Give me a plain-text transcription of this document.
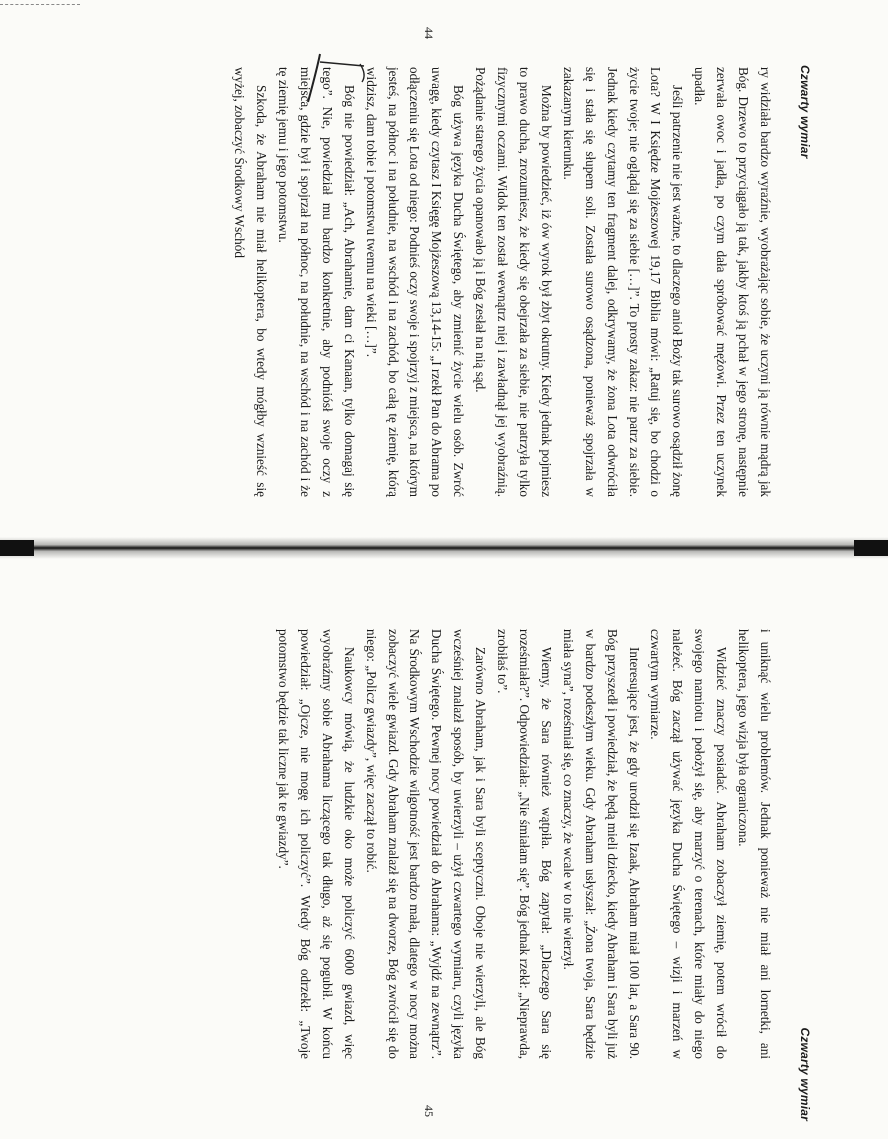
Czwarty wymiar

ry widziała bardzo wyraźnie, wyobrażając sobie, że uczyni ją równie mądrą jak Bóg. Drzewo to przyciągało ją tak, jakby ktoś ją pchał w jego stronę, następnie zerwała owoc i jadła, po czym dała spróbować mężowi. Przez ten uczynek upadła.

Jeśli patrzenie nie jest ważne, to dlaczego anioł Boży tak surowo osądził żonę Lota? W I Księdze Mojżeszowej 19,17 Biblia mówi: „Ratuj się, bo chodzi o życie twoje; nie oglądaj się za siebie […]”. To prosty zakaz: nie patrz za siebie. Jednak kiedy czytamy ten fragment dalej, odkrywamy, że żona Lota odwróciła się i stała się słupem soli. Została surowo osądzona, ponieważ spojrzała w zakazanym kierunku.

Można by powiedzieć, iż ów wyrok był zbyt okrutny. Kiedy jednak pojmiesz to prawo ducha, zrozumiesz, że kiedy się obejrzała za siebie, nie patrzyła tylko fizycznymi oczami. Widok ten został wewnątrz niej i zawładnął jej wyobraźnią. Pożądanie starego życia opanowało ją i Bóg zesłał na nią sąd.

Bóg używa języka Ducha Świętego, aby zmienić życie wielu osób. Zwróć uwagę, kiedy czytasz I Księgę Mojżeszową 13,14-15: „I rzekł Pan do Abrama po odłączeniu się Lota od niego: Podnieś oczy swoje i spojrzyj z miejsca, na którym jesteś, na północ i na południe, na wschód i na zachód, bo całą tę ziemię, którą widzisz, dam tobie i potomstwu twemu na wieki […]”.

Bóg nie powiedział: „Ach, Abrahamie, dam ci Kanaan, tylko domagaj się tego”. Nie, powiedział mu bardzo konkretnie, aby podniósł swoje oczy z miejsca, gdzie był i spojrzał na północ, na południe, na wschód i na zachód i że tę ziemię jemu i jego potomstwu.

Szkoda, że Abraham nie miał helikoptera, bo wtedy mógłby wznieść się wyżej, zobaczyć Środkowy Wschód

44
Czwarty wymiar

i uniknąć wielu problemów. Jednak ponieważ nie miał ani lornetki, ani helikoptera, jego wizja była ograniczona.

Widzieć znaczy posiadać. Abraham zobaczył ziemię, potem wrócił do swojego namiotu i położył się, aby marzyć o terenach, które miały do niego należeć. Bóg zaczął używać języka Ducha Świętego – wizji i marzeń w czwartym wymiarze.

Interesujące jest, że gdy urodził się Izaak, Abraham miał 100 lat, a Sara 90. Bóg przyszedł i powiedział, że będą mieli dziecko, kiedy Abraham i Sara byli już w bardzo podeszłym wieku. Gdy Abraham usłyszał: „Żona twoja, Sara będzie miała syna”, roześmiał się, co znaczy, że wcale w to nie wierzył.

Wiemy, że Sara również wątpiła. Bóg zapytał: „Dlaczego Sara się roześmiała?”. Odpowiedziała: „Nie śmiałam się”. Bóg jednak rzekł: „Nieprawda, zrobiłaś to”.

Zarówno Abraham, jak i Sara byli sceptyczni. Oboje nie wierzyli, ale Bóg wcześniej znalazł sposób, by uwierzyli – użył czwartego wymiaru, czyli języka Ducha Świętego. Pewnej nocy powiedział do Abrahama: „Wyjdź na zewnątrz”. Na Środkowym Wschodzie wilgotność jest bardzo mała, dlatego w nocy można zobaczyć wiele gwiazd. Gdy Abraham znalazł się na dworze, Bóg zwrócił się do niego: „Policz gwiazdy”, więc zaczął to robić.

Naukowcy mówią, że ludzkie oko może policzyć 6000 gwiazd, więc wyobraźmy sobie Abrahama liczącego tak długo, aż się pogubił. W końcu powiedział: „Ojcze, nie mogę ich policzyć”. Wtedy Bóg odrzekł: „Twoje potomstwo będzie tak liczne jak te gwiazdy”.

45
